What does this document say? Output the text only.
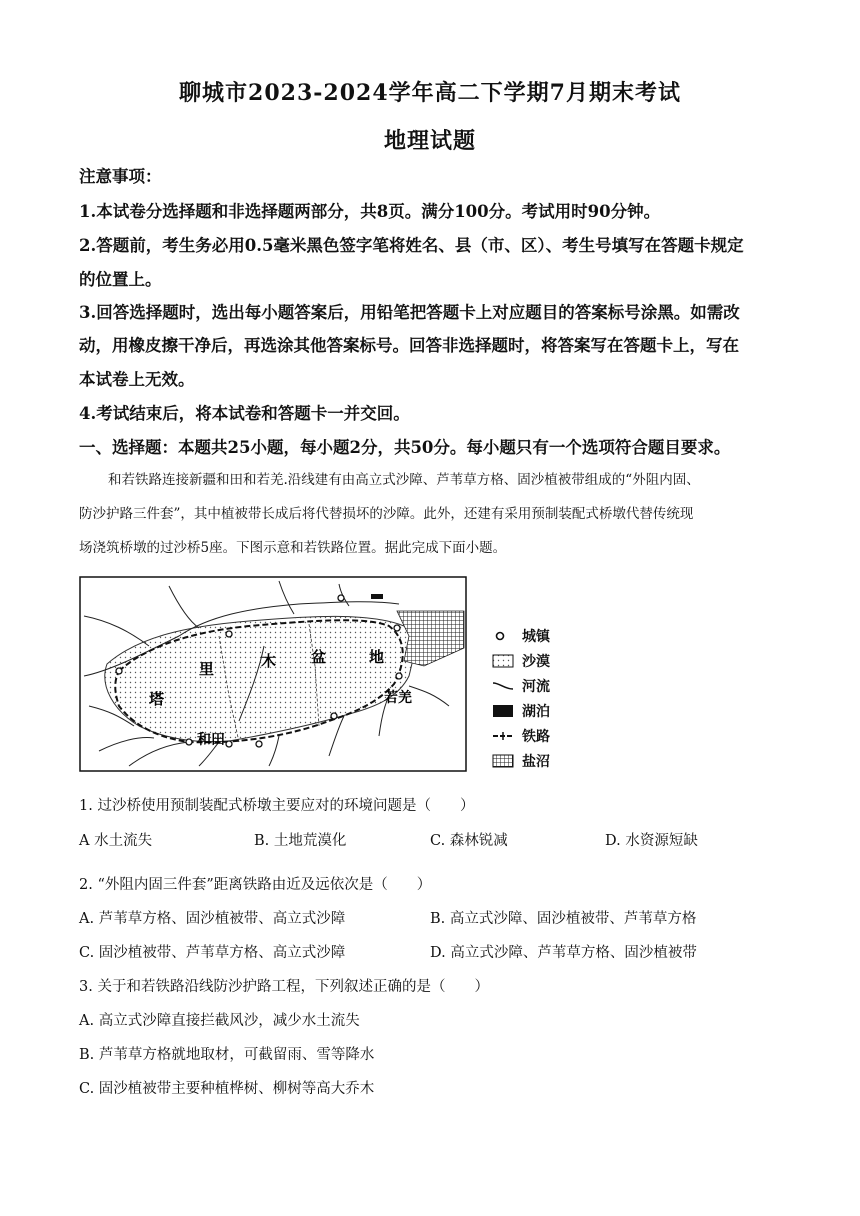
聊城市2023-2024学年高二下学期7月期末考试
地理试题
注意事项：
1.本试卷分选择题和非选择题两部分，共8页。满分100分。考试用时90分钟。
2.答题前，考生务必用0.5毫米黑色签字笔将姓名、县（市、区）、考生号填写在答题卡规定
的位置上。
3.回答选择题时，选出每小题答案后，用铅笔把答题卡上对应题目的答案标号涂黑。如需改
动，用橡皮擦干净后，再选涂其他答案标号。回答非选择题时，将答案写在答题卡上，写在
本试卷上无效。
4.考试结束后，将本试卷和答题卡一并交回。
一、选择题：本题共25小题，每小题2分，共50分。每小题只有一个选项符合题目要求。
和若铁路连接新疆和田和若羌.沿线建有由高立式沙障、芦苇草方格、固沙植被带组成的“外阻内固、
防沙护路三件套”，其中植被带长成后将代替损坏的沙障。此外，还建有采用预制装配式桥墩代替传统现
场浇筑桥墩的过沙桥5座。下图示意和若铁路位置。据此完成下面小题。
塔
里	木 盆	地
和田
若羌
城镇
沙漠
河流
湖泊
铁路
盐沼
1. 过沙桥使用预制装配式桥墩主要应对的环境问题是（　　）
A 水土流失	B. 土地荒漠化	C. 森林锐减	D. 水资源短缺
2. “外阻内固三件套”距离铁路由近及远依次是（　　）
A. 芦苇草方格、固沙植被带、高立式沙障	B. 高立式沙障、固沙植被带、芦苇草方格
C. 固沙植被带、芦苇草方格、高立式沙障	D. 高立式沙障、芦苇草方格、固沙植被带
3. 关于和若铁路沿线防沙护路工程，下列叙述正确的是（　　）
A. 高立式沙障直接拦截风沙，减少水土流失
B. 芦苇草方格就地取材，可截留雨、雪等降水
C. 固沙植被带主要种植桦树、柳树等高大乔木
